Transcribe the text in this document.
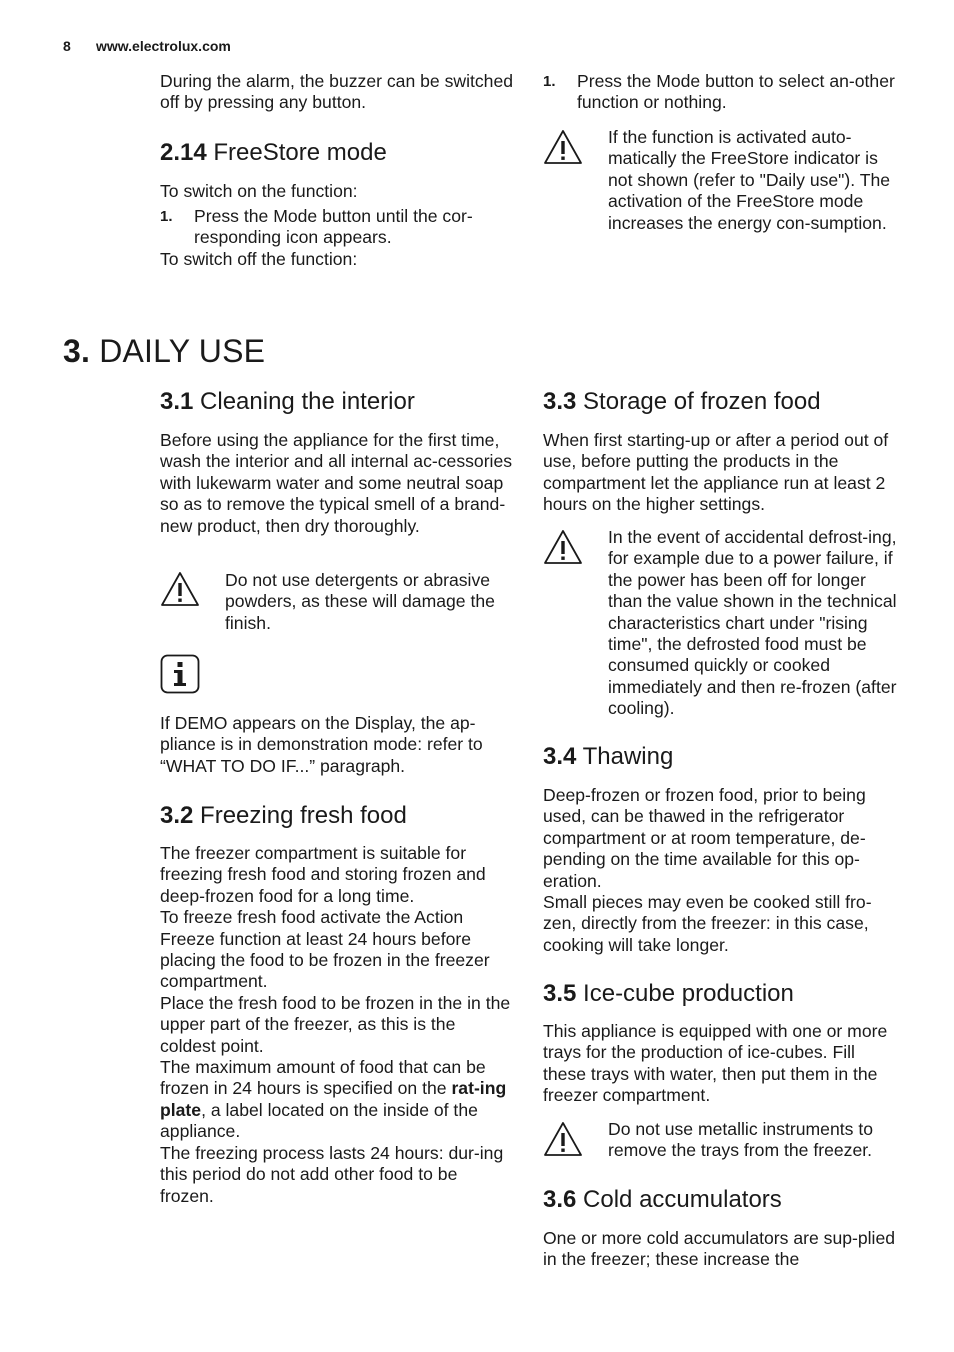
8 www.electrolux.com

During the alarm, the buzzer can be switched off by pressing any button.

2.14 FreeStore mode

To switch on the function:

1.	Press the Mode button until the cor-responding icon appears.

To switch off the function:

1.	Press the Mode button to select an-other function or nothing.
If the function is activated auto-matically the FreeStore indicator is not shown (refer to "Daily use"). The activation of the FreeStore mode increases the energy con-sumption.
3. DAILY USE
3.1 Cleaning the interior

Before using the appliance for the first time, wash the interior and all internal ac-cessories with lukewarm water and some neutral soap so as to remove the typical smell of a brand-new product, then dry thoroughly.

Do not use detergents or abrasive powders, as these will damage the finish.

If DEMO appears on the Display, the ap-pliance is in demonstration mode: refer to “WHAT TO DO IF...” paragraph.

3.2 Freezing fresh food

The freezer compartment is suitable for freezing fresh food and storing frozen and deep-frozen food for a long time.

To freeze fresh food activate the Action Freeze function at least 24 hours before placing the food to be frozen in the freezer compartment.

Place the fresh food to be frozen in the in the upper part of the freezer, as this is the coldest point.

The maximum amount of food that can be frozen in 24 hours is specified on the rat-ing plate, a label located on the inside of the appliance.

The freezing process lasts 24 hours: dur-ing this period do not add other food to be frozen.

3.3 Storage of frozen food

When first starting-up or after a period out of use, before putting the products in the compartment let the appliance run at least 2 hours on the higher settings.

In the event of accidental defrost-ing, for example due to a power failure, if the power has been off for longer than the value shown in the technical characteristics chart under "rising time", the defrosted food must be consumed quickly or cooked immediately and then re-frozen (after cooling).
3.4 Thawing

Deep-frozen or frozen food, prior to being used, can be thawed in the refrigerator compartment or at room temperature, de-pending on the time available for this op-eration.

Small pieces may even be cooked still fro-zen, directly from the freezer: in this case, cooking will take longer.

3.5 Ice-cube production

This appliance is equipped with one or more trays for the production of ice-cubes. Fill these trays with water, then put them in the freezer compartment.

Do not use metallic instruments to remove the trays from the freezer.
3.6 Cold accumulators

One or more cold accumulators are sup-plied in the freezer; these increase the
